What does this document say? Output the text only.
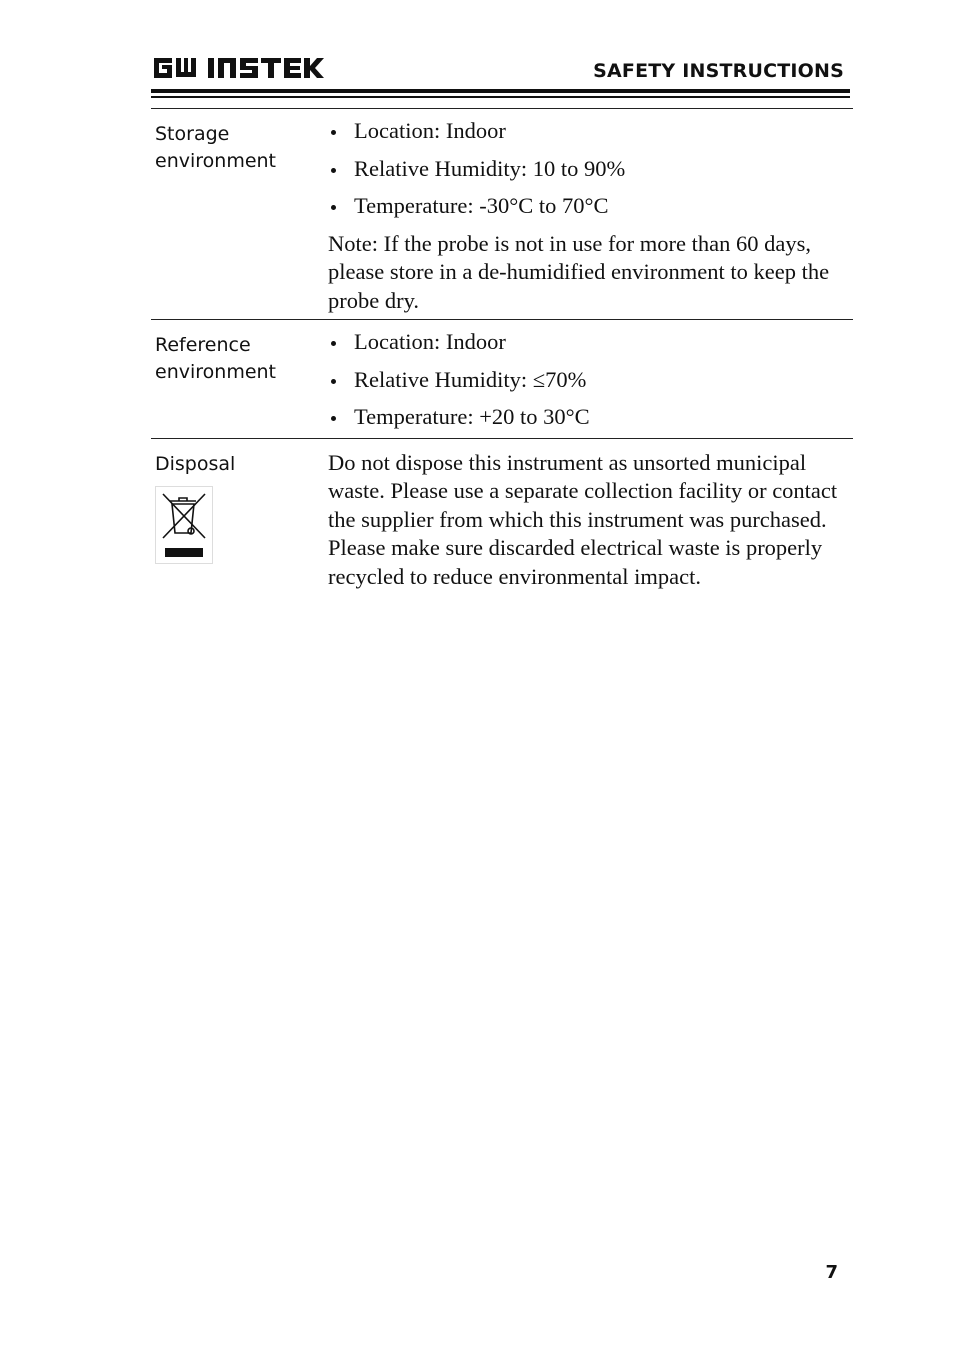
SAFETY INSTRUCTIONS
Storage environment
Location: Indoor
Relative Humidity: 10 to 90%
Temperature: -30°C to 70°C

Note: If the probe is not in use for more than 60 days, please store in a de-humidified environment to keep the probe dry.

Reference environment
Location: Indoor
Relative Humidity: ≤70%
Temperature: +20 to 30°C
Disposal	Do not dispose this instrument as unsorted municipal waste. Please use a separate collection facility or contact the supplier from which this instrument was purchased. Please make sure discarded electrical waste is properly recycled to reduce environmental impact.

7
